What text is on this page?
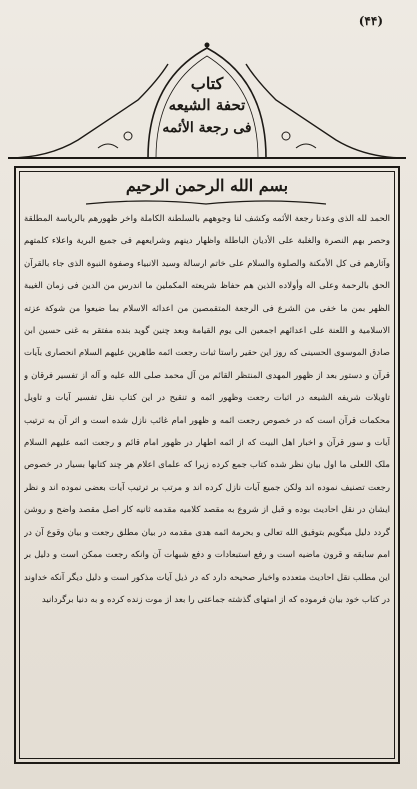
(۴۴)
کتاب
تحفة الشیعه
فی رجعة الأئمه
بسم الله الرحمن الرحیم

الحمد لله الذی وعدنا رجعة الأئمه وکشف لنا وجوههم بالسلطنة الکاملة واخر ظهورهم بالریاسة المطلقة وحصر بهم النصرة والغلبة علی الأدیان الباطلة واظهار دینهم وشرایعهم فی جمیع البریة واعلاء کلمتهم وآثارهم فی کل الأمکنة والصلوة والسلام علی خاتم ارسالة وسید الانبیاء وصفوة النبوة الذی جاء بالقرآن الحق بالرحمة وعلی اله وأولاده الذین هم حفاظ شریعته المکملین ما اندرس من الدین فی زمان الغیبة الظهر بمن ما خفی من الشرع فی الرجعة المتقمصین من اعدائه الاسلام بما ضیعوا من شوکة عزته الاسلامیة و اللعنة علی اعدائهم اجمعین الی یوم القیامة وبعد چنین گوید بنده مفتقر به غنی حسین ابن صادق الموسوی الحسینی که روز این حقیر راستا ثبات رجعت ائمه طاهرین علیهم السلام انحصاری بآیات قرآن و دستور بعد از ظهور المهدی المنتظر القائم من آل محمد صلی الله علیه و آله از تفسیر فرقان و تاویلات شریفه الشیعه در اثبات رجعت وظهور ائمه و تنقیح در این کتاب نقل تفسیر آیات و تاویل محکمات قرآن است که در خصوص رجعت ائمه و ظهور امام غائب نازل شده است و اثر آن به ترتیب آیات و سور قرآن و اخبار اهل البیت که از ائمه اطهار در ظهور امام قائم و رجعت ائمه علیهم السلام ملک اللعلی ما اول بیان نظر شده کتاب جمع کرده زیرا که علمای اعلام هر چند کتابها بسیار در خصوص رجعت تصنیف نموده اند ولکن جمیع آیات نازل کرده اند و مرتب بر ترتیب آیات بعضی نموده اند و نظر ایشان در نقل احادیث بوده و قبل از شروع به مقصد کلامیه مقدمه ثانیه کار اصل مقصد واضح و روشن گردد دلیل میگویم بتوفیق الله تعالی و بحرمة ائمه هدی مقدمه در بیان مطلق رجعت و بیان وقوع آن در امم سابقه و قرون ماضیه است و رفع استبعادات و دفع شبهات آن وانکه رجعت ممکن است و دلیل بر این مطلب نقل احادیث متعدده واخبار صحیحه دارد که در ذیل آیات مذکور است و دلیل دیگر آنکه خداوند در کتاب خود بیان فرموده که از امتهای گذشته جماعتی را بعد از موت زنده کرده و به دنیا برگردانید
